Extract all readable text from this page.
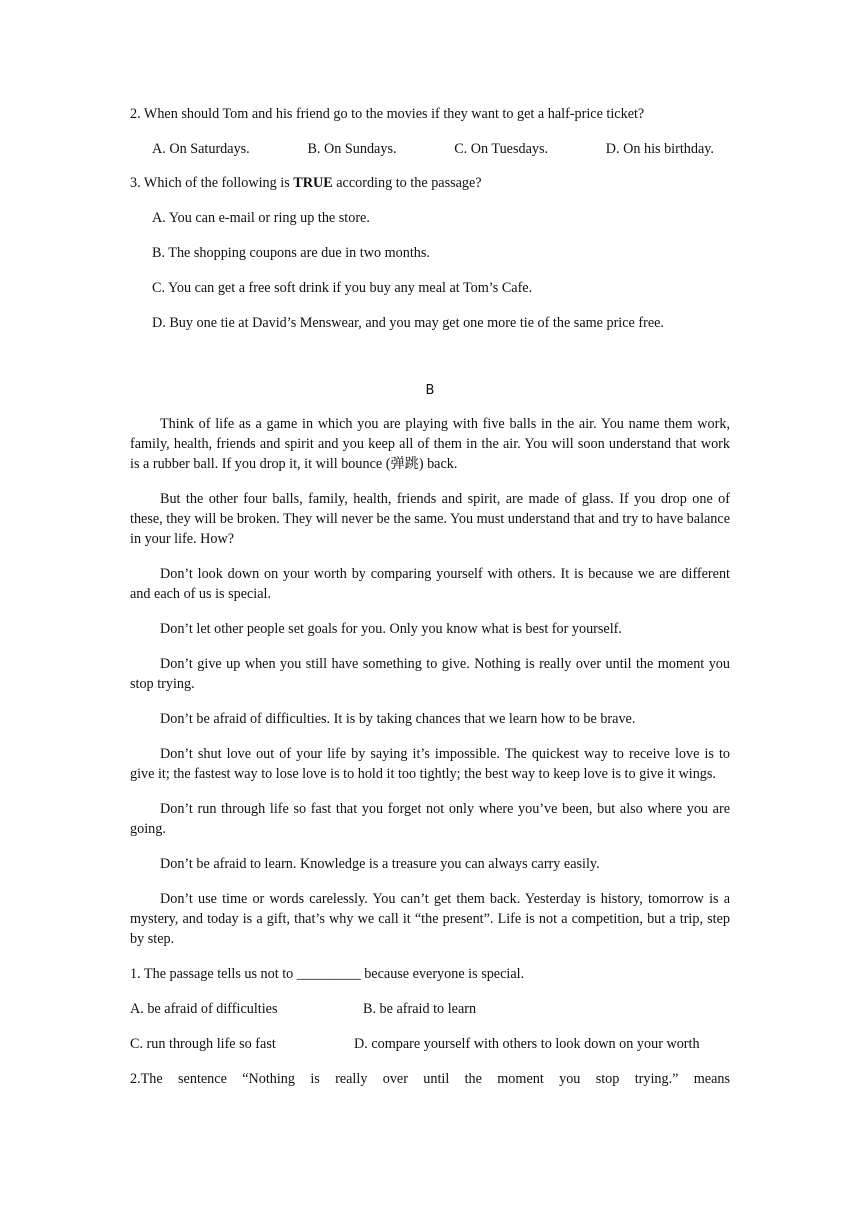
2. When should Tom and his friend go to the movies if they want to get a half-price ticket?

A. On Saturdays.	B. On Sundays.	C. On Tuesdays.	D. On his birthday.

3. Which of the following is TRUE according to the passage?

A. You can e-mail or ring up the store.

B. The shopping coupons are due in two months.

C. You can get a free soft drink if you buy any meal at Tom’s Cafe.

D. Buy one tie at David’s Menswear, and you may get one more tie of the same price free.

B

Think of life as a game in which you are playing with five balls in the air. You name them work, family, health, friends and spirit and you keep all of them in the air. You will soon understand that work is a rubber ball. If you drop it, it will bounce (弹跳) back.

But the other four balls, family, health, friends and spirit, are made of glass. If you drop one of these, they will be broken. They will never be the same. You must understand that and try to have balance in your life. How?

Don’t look down on your worth by comparing yourself with others. It is because we are different and each of us is special.

Don’t let other people set goals for you. Only you know what is best for yourself.

Don’t give up when you still have something to give. Nothing is really over until the moment you stop trying.

Don’t be afraid of difficulties. It is by taking chances that we learn how to be brave.

Don’t shut love out of your life by saying it’s impossible. The quickest way to receive love is to give it; the fastest way to lose love is to hold it too tightly; the best way to keep love is to give it wings.

Don’t run through life so fast that you forget not only where you’ve been, but also where you are going.

Don’t be afraid to learn. Knowledge is a treasure you can always carry easily.

Don’t use time or words carelessly. You can’t get them back. Yesterday is history, tomorrow is a mystery, and today is a gift, that’s why we call it “the present”. Life is not a competition, but a trip, step by step.

1. The passage tells us not to _________ because everyone is special.

A. be afraid of difficulties	B. be afraid to learn
C. run through life so fast	D. compare yourself with others to look down on your worth

2.The sentence “Nothing is really over until the moment you stop trying.” means
